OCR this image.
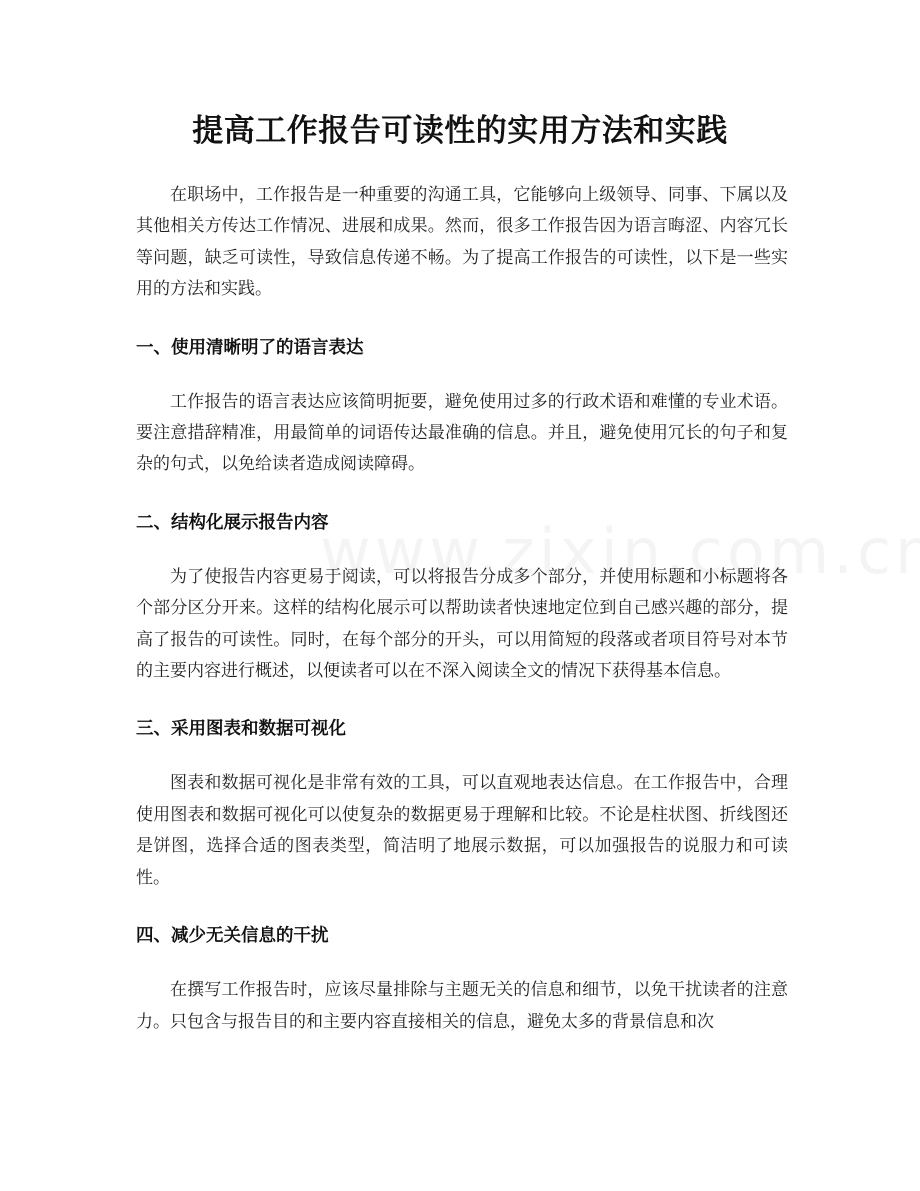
提高工作报告可读性的实用方法和实践

在职场中，工作报告是一种重要的沟通工具，它能够向上级领导、同事、下属以及其他相关方传达工作情况、进展和成果。然而，很多工作报告因为语言晦涩、内容冗长等问题，缺乏可读性，导致信息传递不畅。为了提高工作报告的可读性，以下是一些实用的方法和实践。

一、使用清晰明了的语言表达

工作报告的语言表达应该简明扼要，避免使用过多的行政术语和难懂的专业术语。要注意措辞精准，用最简单的词语传达最准确的信息。并且，避免使用冗长的句子和复杂的句式，以免给读者造成阅读障碍。

二、结构化展示报告内容

为了使报告内容更易于阅读，可以将报告分成多个部分，并使用标题和小标题将各个部分区分开来。这样的结构化展示可以帮助读者快速地定位到自己感兴趣的部分，提高了报告的可读性。同时，在每个部分的开头，可以用简短的段落或者项目符号对本节的主要内容进行概述，以便读者可以在不深入阅读全文的情况下获得基本信息。

三、采用图表和数据可视化

图表和数据可视化是非常有效的工具，可以直观地表达信息。在工作报告中，合理使用图表和数据可视化可以使复杂的数据更易于理解和比较。不论是柱状图、折线图还是饼图，选择合适的图表类型，简洁明了地展示数据，可以加强报告的说服力和可读性。

四、减少无关信息的干扰

在撰写工作报告时，应该尽量排除与主题无关的信息和细节，以免干扰读者的注意力。只包含与报告目的和主要内容直接相关的信息，避免太多的背景信息和次
